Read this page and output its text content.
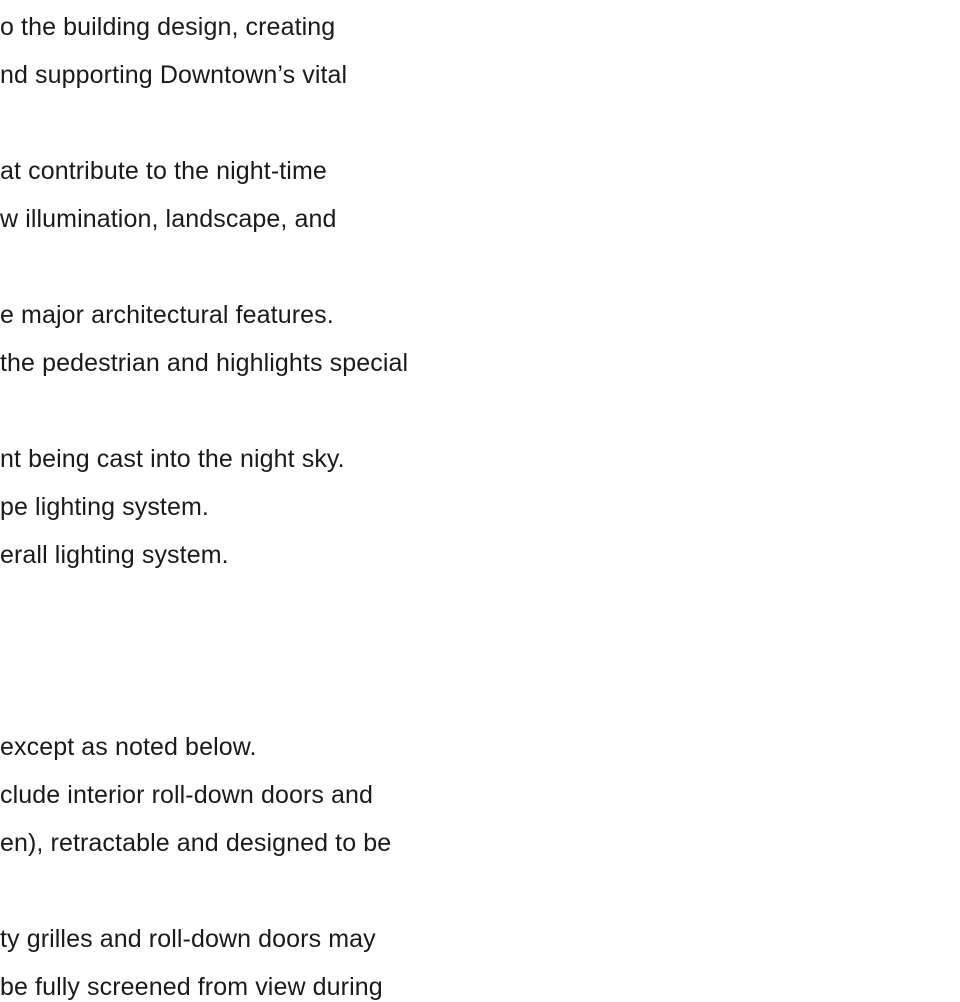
o the building design, creating
nd supporting Downtown’s vital
at contribute to the night-time
w illumination, landscape, and
e major architectural features.
the pedestrian and highlights special
nt being cast into the night sky.
pe lighting system.
erall lighting system.
except as noted below.
clude interior roll-down doors and
en), retractable and designed to be
ty grilles and roll-down doors may
be fully screened from view during
